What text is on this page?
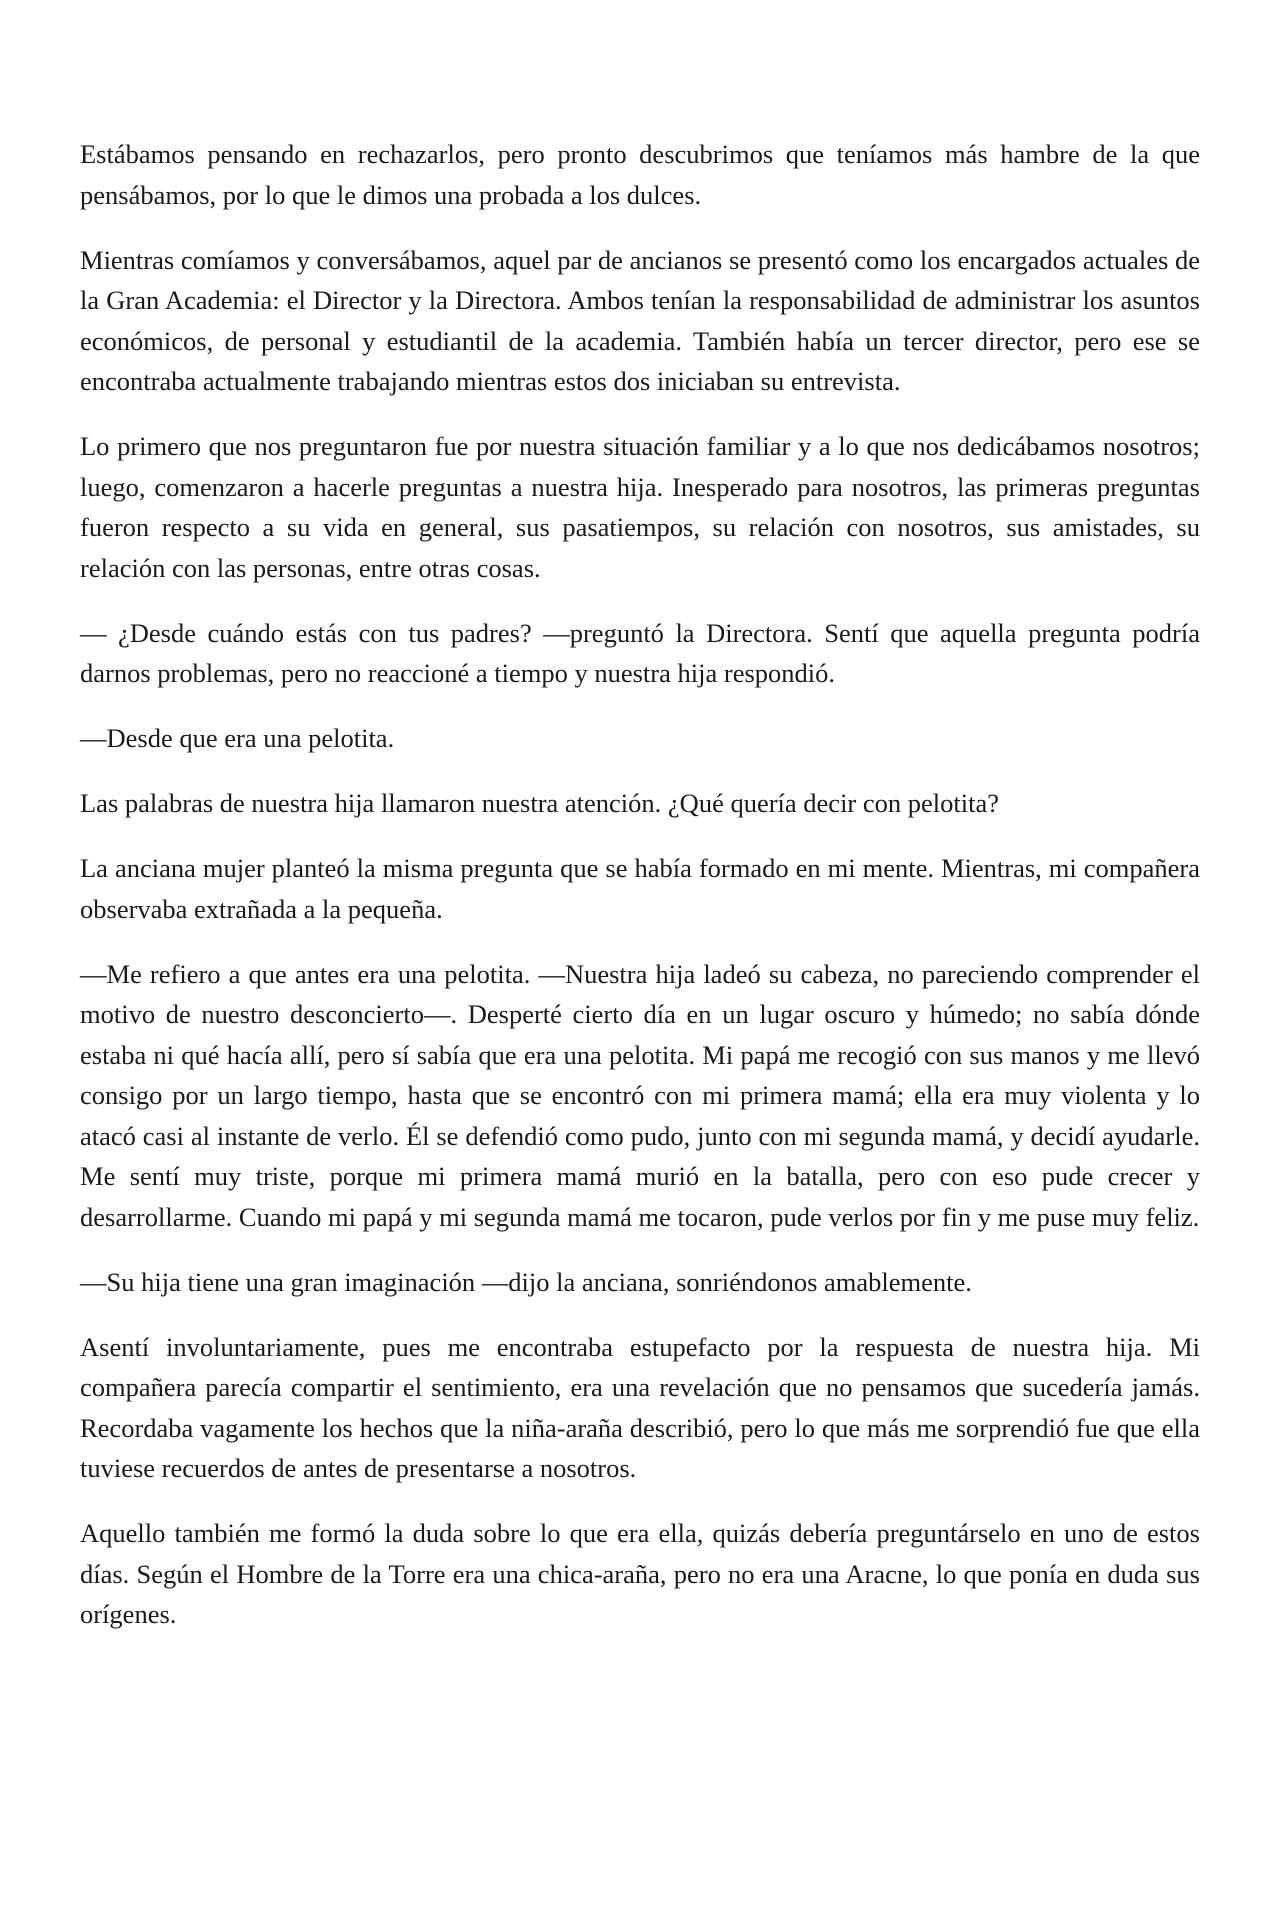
Estábamos pensando en rechazarlos, pero pronto descubrimos que teníamos más hambre de la que pensábamos, por lo que le dimos una probada a los dulces.

Mientras comíamos y conversábamos, aquel par de ancianos se presentó como los encargados actuales de la Gran Academia: el Director y la Directora. Ambos tenían la responsabilidad de administrar los asuntos económicos, de personal y estudiantil de la academia. También había un tercer director, pero ese se encontraba actualmente trabajando mientras estos dos iniciaban su entrevista.

Lo primero que nos preguntaron fue por nuestra situación familiar y a lo que nos dedicábamos nosotros; luego, comenzaron a hacerle preguntas a nuestra hija. Inesperado para nosotros, las primeras preguntas fueron respecto a su vida en general, sus pasatiempos, su relación con nosotros, sus amistades, su relación con las personas, entre otras cosas.

— ¿Desde cuándo estás con tus padres? —preguntó la Directora. Sentí que aquella pregunta podría darnos problemas, pero no reaccioné a tiempo y nuestra hija respondió.

—Desde que era una pelotita.

Las palabras de nuestra hija llamaron nuestra atención. ¿Qué quería decir con pelotita?

La anciana mujer planteó la misma pregunta que se había formado en mi mente. Mientras, mi compañera observaba extrañada a la pequeña.

—Me refiero a que antes era una pelotita. —Nuestra hija ladeó su cabeza, no pareciendo comprender el motivo de nuestro desconcierto—. Desperté cierto día en un lugar oscuro y húmedo; no sabía dónde estaba ni qué hacía allí, pero sí sabía que era una pelotita. Mi papá me recogió con sus manos y me llevó consigo por un largo tiempo, hasta que se encontró con mi primera mamá; ella era muy violenta y lo atacó casi al instante de verlo. Él se defendió como pudo, junto con mi segunda mamá, y decidí ayudarle. Me sentí muy triste, porque mi primera mamá murió en la batalla, pero con eso pude crecer y desarrollarme. Cuando mi papá y mi segunda mamá me tocaron, pude verlos por fin y me puse muy feliz.

—Su hija tiene una gran imaginación —dijo la anciana, sonriéndonos amablemente.

Asentí involuntariamente, pues me encontraba estupefacto por la respuesta de nuestra hija. Mi compañera parecía compartir el sentimiento, era una revelación que no pensamos que sucedería jamás. Recordaba vagamente los hechos que la niña-araña describió, pero lo que más me sorprendió fue que ella tuviese recuerdos de antes de presentarse a nosotros.

Aquello también me formó la duda sobre lo que era ella, quizás debería preguntárselo en uno de estos días. Según el Hombre de la Torre era una chica-araña, pero no era una Aracne, lo que ponía en duda sus orígenes.
